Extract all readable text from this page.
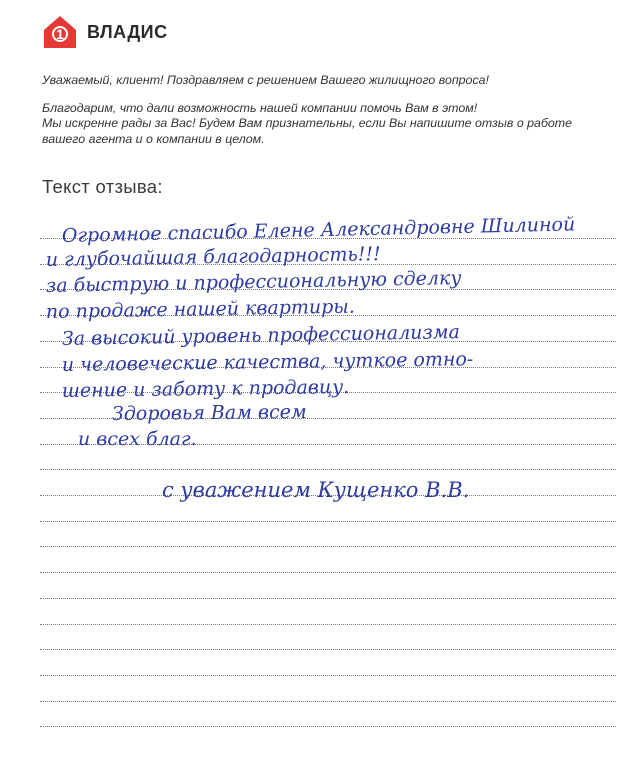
1 ВЛАДИС

Уважаемый, клиент! Поздравляем с решением Вашего жилищного вопроса!

Благодарим, что дали возможность нашей компании помочь Вам в этом!

Мы искренне рады за Вас! Будем Вам признательны, если Вы напишите отзыв о работе

вашего агента и о компании в целом.

Текст отзыва:
Огромное спасибо Елене Александровне Шилиной
и глубочайшая благодарность!!!
за быструю и профессиональную сделку
по продаже нашей квартиры.
За высокий уровень профессионализма
и человеческие качества, чуткое отно-
шение и заботу к продавцу.
Здоровья Вам всем
и всех благ.
с уважением Кущенко В.В.
